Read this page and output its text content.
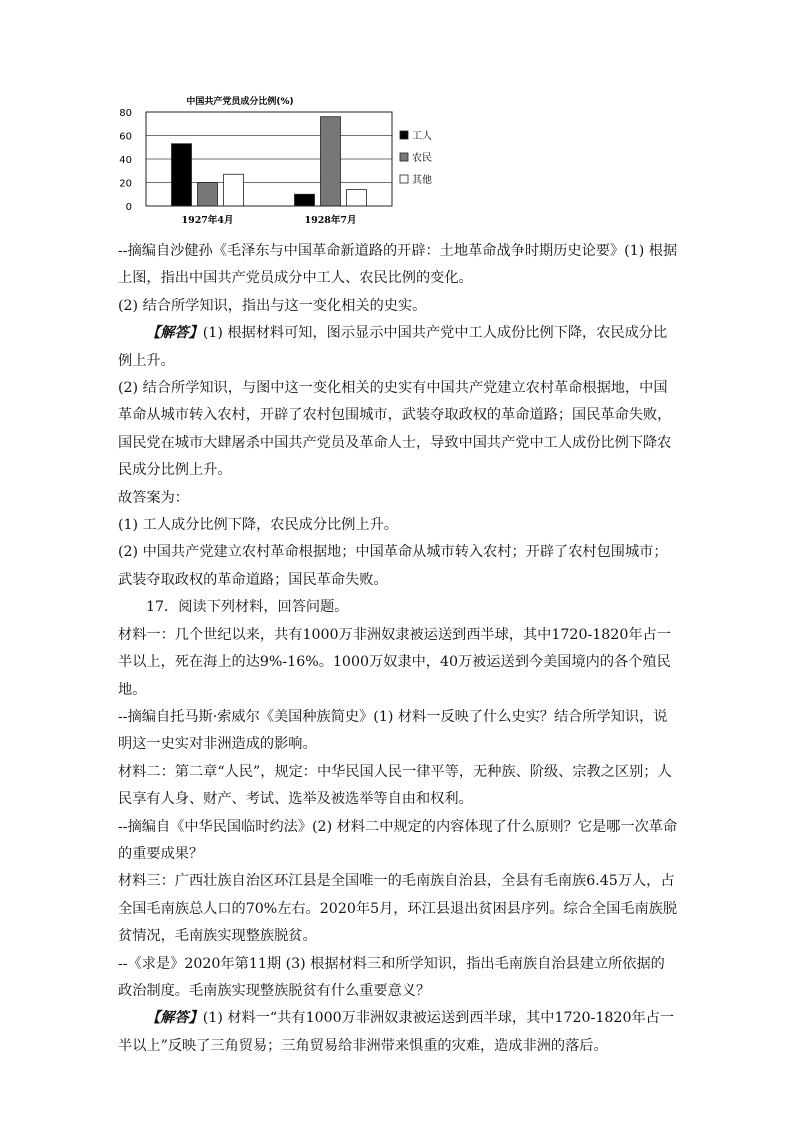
中国共产党员成分比例(%)
0
20
40
60
80
1927年4月	1928年7月
工人
农民
其他

--摘编自沙健孙《毛泽东与中国革命新道路的开辟：土地革命战争时期历史论要》(1) 根据上图，指出中国共产党员成分中工人、农民比例的变化。

(2) 结合所学知识，指出与这一变化相关的史实。

【解答】(1) 根据材料可知，图示显示中国共产党中工人成份比例下降，农民成分比例上升。

(2) 结合所学知识，与图中这一变化相关的史实有中国共产党建立农村革命根据地，中国革命从城市转入农村，开辟了农村包围城市，武装夺取政权的革命道路；国民革命失败，国民党在城市大肆屠杀中国共产党员及革命人士，导致中国共产党中工人成份比例下降农民成分比例上升。

故答案为：

(1) 工人成分比例下降，农民成分比例上升。

(2) 中国共产党建立农村革命根据地；中国革命从城市转入农村；开辟了农村包围城市；武装夺取政权的革命道路；国民革命失败。

17．阅读下列材料，回答问题。

材料一：几个世纪以来，共有1000万非洲奴隶被运送到西半球，其中1720-1820年占一半以上，死在海上的达9%-16%。1000万奴隶中，40万被运送到今美国境内的各个殖民地。

--摘编自托马斯·索威尔《美国种族简史》(1) 材料一反映了什么史实？结合所学知识，说明这一史实对非洲造成的影响。

材料二：第二章“人民”，规定：中华民国人民一律平等，无种族、阶级、宗教之区别；人民享有人身、财产、考试、选举及被选举等自由和权利。

--摘编自《中华民国临时约法》(2) 材料二中规定的内容体现了什么原则？它是哪一次革命的重要成果？

材料三：广西壮族自治区环江县是全国唯一的毛南族自治县，全县有毛南族6.45万人，占全国毛南族总人口的70%左右。2020年5月，环江县退出贫困县序列。综合全国毛南族脱贫情况，毛南族实现整族脱贫。

--《求是》2020年第11期 (3) 根据材料三和所学知识，指出毛南族自治县建立所依据的政治制度。毛南族实现整族脱贫有什么重要意义？

【解答】(1) 材料一“共有1000万非洲奴隶被运送到西半球，其中1720-1820年占一半以上”反映了三角贸易；三角贸易给非洲带来惧重的灾难，造成非洲的落后。
